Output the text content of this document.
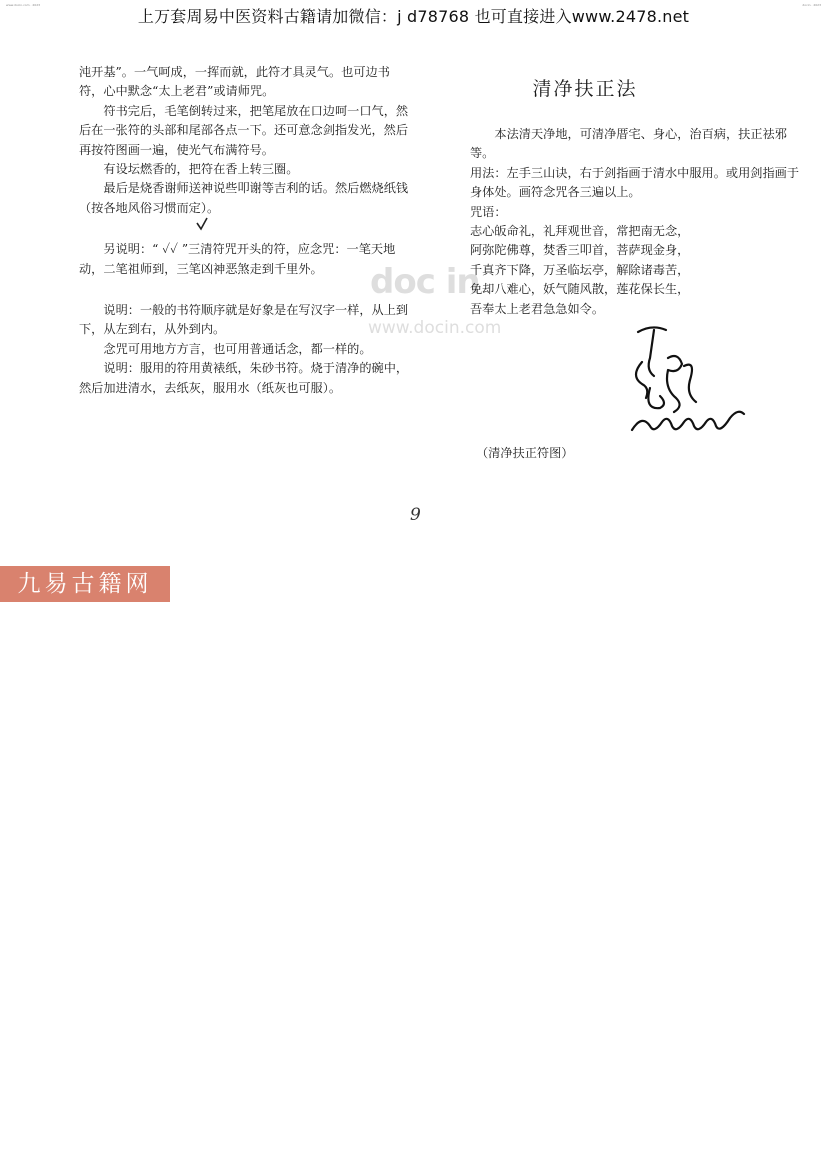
www.docin.com · 2023	docin · 2023
上万套周易中医资料古籍请加微信：j d78768 也可直接进入www.2478.net
doc in
www.docin.com

沌开基”。一气呵成，一挥而就，此符才具灵气。也可边书符，心中默念“太上老君”或请师咒。

符书完后，毛笔倒转过来，把笔尾放在口边呵一口气，然后在一张符的头部和尾部各点一下。还可意念剑指发光，然后再按符图画一遍，使光气布满符号。

有设坛燃香的，把符在香上转三圈。

最后是烧香谢师送神说些叩谢等吉利的话。然后燃烧纸钱（按各地风俗习惯而定）。

另说明：“ ✓✓ ”三清符咒开头的符，应念咒：一笔天地动，二笔祖师到，三笔凶神恶煞走到千里外。

说明：一般的书符顺序就是好象是在写汉字一样，从上到下，从左到右，从外到内。

念咒可用地方方言，也可用普通话念，都一样的。

说明：服用的符用黄裱纸，朱砂书符。烧于清净的碗中，然后加进清水，去纸灰，服用水（纸灰也可服）。

清净扶正法

本法清天净地，可清净厝宅、身心，治百病，扶正祛邪等。

用法：左手三山诀，右于剑指画于清水中服用。或用剑指画于身体处。画符念咒各三遍以上。

咒语：

志心皈命礼，礼拜观世音，常把南无念，

阿弥陀佛尊，焚香三叩首，菩萨现金身，

千真齐下降，万圣临坛亭，解除诸毒苦，

免却八难心，妖气随风散，莲花保长生，

吾奉太上老君急急如令。

（清净扶正符图）
9
九易古籍网
